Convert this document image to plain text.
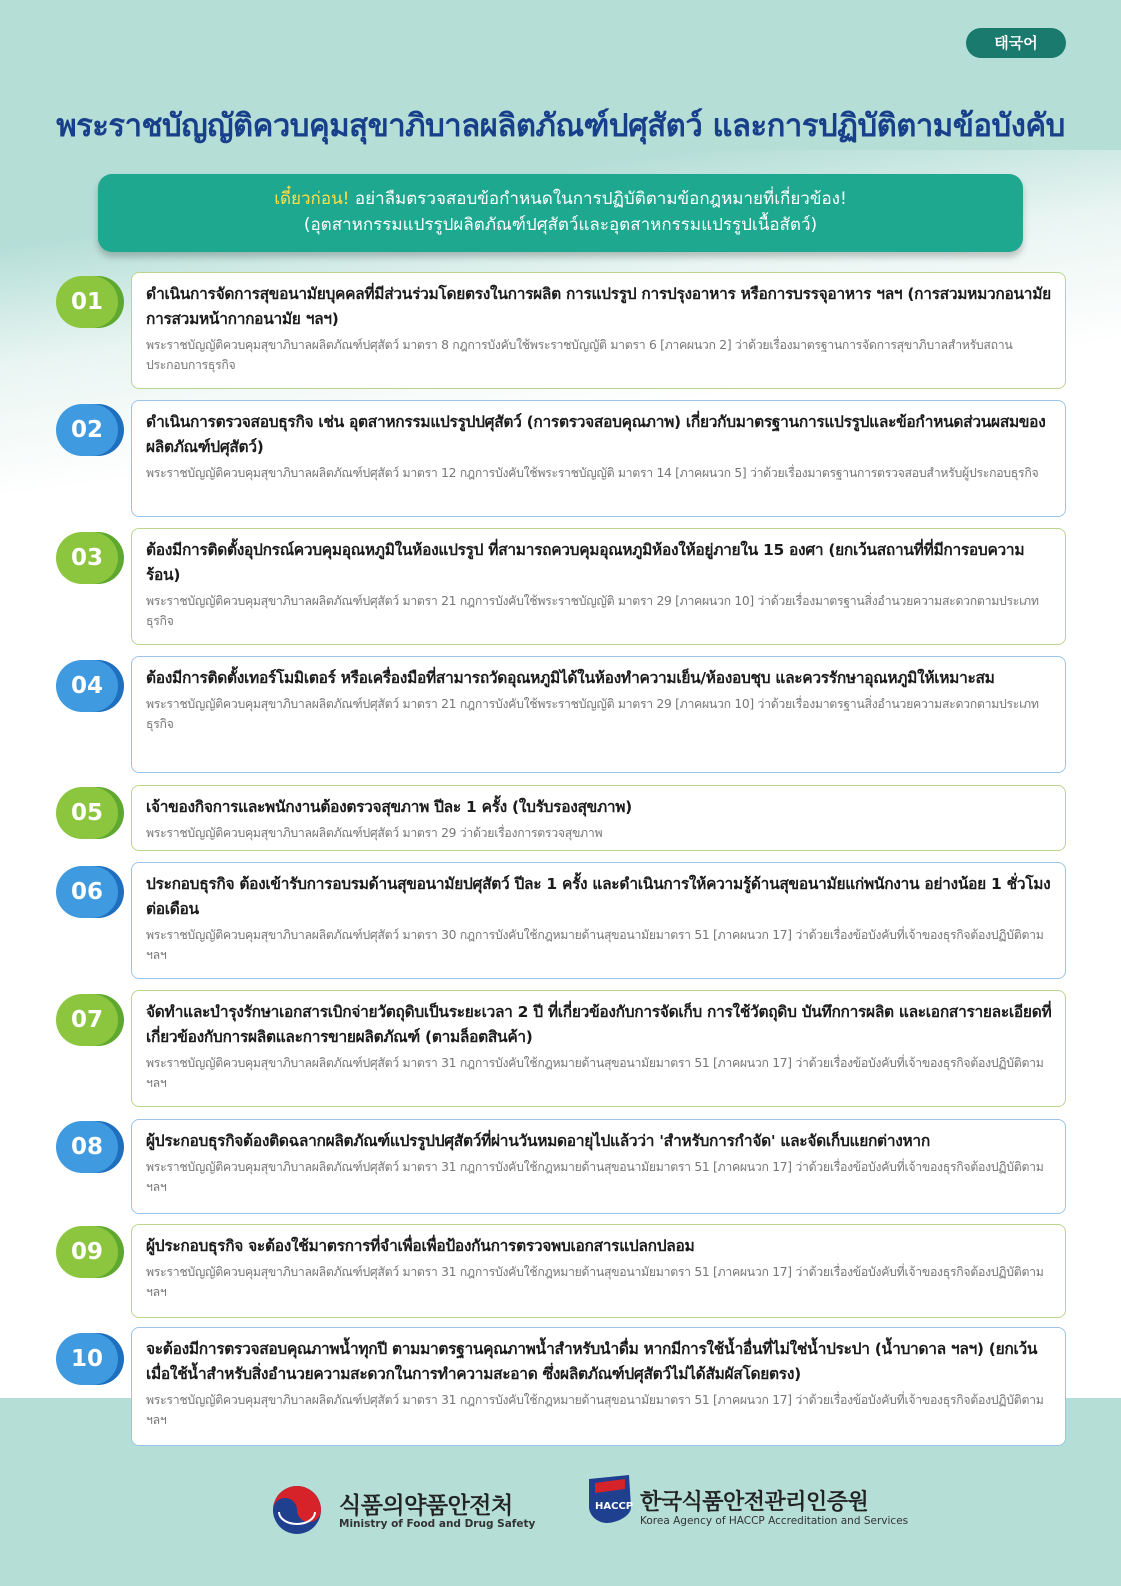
태국어
พระราชบัญญัติควบคุมสุขาภิบาลผลิตภัณฑ์ปศุสัตว์ และการปฏิบัติตามข้อบังคับ
เดี๋ยวก่อน! อย่าลืมตรวจสอบข้อกำหนดในการปฏิบัติตามข้อกฎหมายที่เกี่ยวข้อง!
(อุตสาหกรรมแปรรูปผลิตภัณฑ์ปศุสัตว์และอุตสาหกรรมแปรรูปเนื้อสัตว์)
01	ดำเนินการจัดการสุขอนามัยบุคคลที่มีส่วนร่วมโดยตรงในการผลิต การแปรรูป การปรุงอาหาร หรือการบรรจุอาหาร ฯลฯ (การสวมหมวกอนามัย การสวมหน้ากากอนามัย ฯลฯ)
พระราชบัญญัติควบคุมสุขาภิบาลผลิตภัณฑ์ปศุสัตว์ มาตรา 8 กฎการบังคับใช้พระราชบัญญัติ มาตรา 6 [ภาคผนวก 2] ว่าด้วยเรื่องมาตรฐานการจัดการสุขาภิบาลสำหรับสถานประกอบการธุรกิจ
02	ดำเนินการตรวจสอบธุรกิจ เช่น อุตสาหกรรมแปรรูปปศุสัตว์ (การตรวจสอบคุณภาพ) เกี่ยวกับมาตรฐานการแปรรูปและข้อกำหนดส่วนผสมของผลิตภัณฑ์ปศุสัตว์)
พระราชบัญญัติควบคุมสุขาภิบาลผลิตภัณฑ์ปศุสัตว์ มาตรา 12 กฎการบังคับใช้พระราชบัญญัติ มาตรา 14 [ภาคผนวก 5] ว่าด้วยเรื่องมาตรฐานการตรวจสอบสำหรับผู้ประกอบธุรกิจ
03	ต้องมีการติดตั้งอุปกรณ์ควบคุมอุณหภูมิในห้องแปรรูป ที่สามารถควบคุมอุณหภูมิห้องให้อยู่ภายใน 15 องศา (ยกเว้นสถานที่ที่มีการอบความร้อน)
พระราชบัญญัติควบคุมสุขาภิบาลผลิตภัณฑ์ปศุสัตว์ มาตรา 21 กฎการบังคับใช้พระราชบัญญัติ มาตรา 29 [ภาคผนวก 10] ว่าด้วยเรื่องมาตรฐานสิ่งอำนวยความสะดวกตามประเภทธุรกิจ
04	ต้องมีการติดตั้งเทอร์โมมิเตอร์ หรือเครื่องมือที่สามารถวัดอุณหภูมิได้ในห้องทำความเย็น/ห้องอบชุบ และควรรักษาอุณหภูมิให้เหมาะสม
พระราชบัญญัติควบคุมสุขาภิบาลผลิตภัณฑ์ปศุสัตว์ มาตรา 21 กฎการบังคับใช้พระราชบัญญัติ มาตรา 29 [ภาคผนวก 10] ว่าด้วยเรื่องมาตรฐานสิ่งอำนวยความสะดวกตามประเภทธุรกิจ
05	เจ้าของกิจการและพนักงานต้องตรวจสุขภาพ ปีละ 1 ครั้ง (ใบรับรองสุขภาพ)
พระราชบัญญัติควบคุมสุขาภิบาลผลิตภัณฑ์ปศุสัตว์ มาตรา 29 ว่าด้วยเรื่องการตรวจสุขภาพ
06	ประกอบธุรกิจ ต้องเข้ารับการอบรมด้านสุขอนามัยปศุสัตว์ ปีละ 1 ครั้ง และดำเนินการให้ความรู้ด้านสุขอนามัยแก่พนักงาน อย่างน้อย 1 ชั่วโมงต่อเดือน
พระราชบัญญัติควบคุมสุขาภิบาลผลิตภัณฑ์ปศุสัตว์ มาตรา 30 กฎการบังคับใช้กฎหมายด้านสุขอนามัยมาตรา 51 [ภาคผนวก 17] ว่าด้วยเรื่องข้อบังคับที่เจ้าของธุรกิจต้องปฏิบัติตาม ฯลฯ
07	จัดทำและบำรุงรักษาเอกสารเบิกจ่ายวัตถุดิบเป็นระยะเวลา 2 ปี ที่เกี่ยวข้องกับการจัดเก็บ การใช้วัตถุดิบ บันทึกการผลิต และเอกสารายละเอียดที่เกี่ยวข้องกับการผลิตและการขายผลิตภัณฑ์ (ตามล็อตสินค้า)
พระราชบัญญัติควบคุมสุขาภิบาลผลิตภัณฑ์ปศุสัตว์ มาตรา 31 กฎการบังคับใช้กฎหมายด้านสุขอนามัยมาตรา 51 [ภาคผนวก 17] ว่าด้วยเรื่องข้อบังคับที่เจ้าของธุรกิจต้องปฏิบัติตาม ฯลฯ
08	ผู้ประกอบธุรกิจต้องติดฉลากผลิตภัณฑ์แปรรูปปศุสัตว์ที่ผ่านวันหมดอายุไปแล้วว่า 'สำหรับการกำจัด' และจัดเก็บแยกต่างหาก
พระราชบัญญัติควบคุมสุขาภิบาลผลิตภัณฑ์ปศุสัตว์ มาตรา 31 กฎการบังคับใช้กฎหมายด้านสุขอนามัยมาตรา 51 [ภาคผนวก 17] ว่าด้วยเรื่องข้อบังคับที่เจ้าของธุรกิจต้องปฏิบัติตาม ฯลฯ
09	ผู้ประกอบธุรกิจ จะต้องใช้มาตรการที่จำเพื่อเพื่อป้องกันการตรวจพบเอกสารแปลกปลอม
พระราชบัญญัติควบคุมสุขาภิบาลผลิตภัณฑ์ปศุสัตว์ มาตรา 31 กฎการบังคับใช้กฎหมายด้านสุขอนามัยมาตรา 51 [ภาคผนวก 17] ว่าด้วยเรื่องข้อบังคับที่เจ้าของธุรกิจต้องปฏิบัติตาม ฯลฯ
10	จะต้องมีการตรวจสอบคุณภาพน้ำทุกปี ตามมาตรฐานคุณภาพน้ำสำหรับนำดื่ม หากมีการใช้น้ำอื่นที่ไม่ใช่น้ำประปา (น้ำบาดาล ฯลฯ) (ยกเว้นเมื่อใช้น้ำสำหรับสิ่งอำนวยความสะดวกในการทำความสะอาด ซึ่งผลิตภัณฑ์ปศุสัตว์ไม่ได้สัมผัสโดยตรง)
พระราชบัญญัติควบคุมสุขาภิบาลผลิตภัณฑ์ปศุสัตว์ มาตรา 31 กฎการบังคับใช้กฎหมายด้านสุขอนามัยมาตรา 51 [ภาคผนวก 17] ว่าด้วยเรื่องข้อบังคับที่เจ้าของธุรกิจต้องปฏิบัติตาม ฯลฯ
식품의약품안전처
Ministry of Food and Drug Safety
HACCP 한국식품안전관리인증원
Korea Agency of HACCP Accreditation and Services
